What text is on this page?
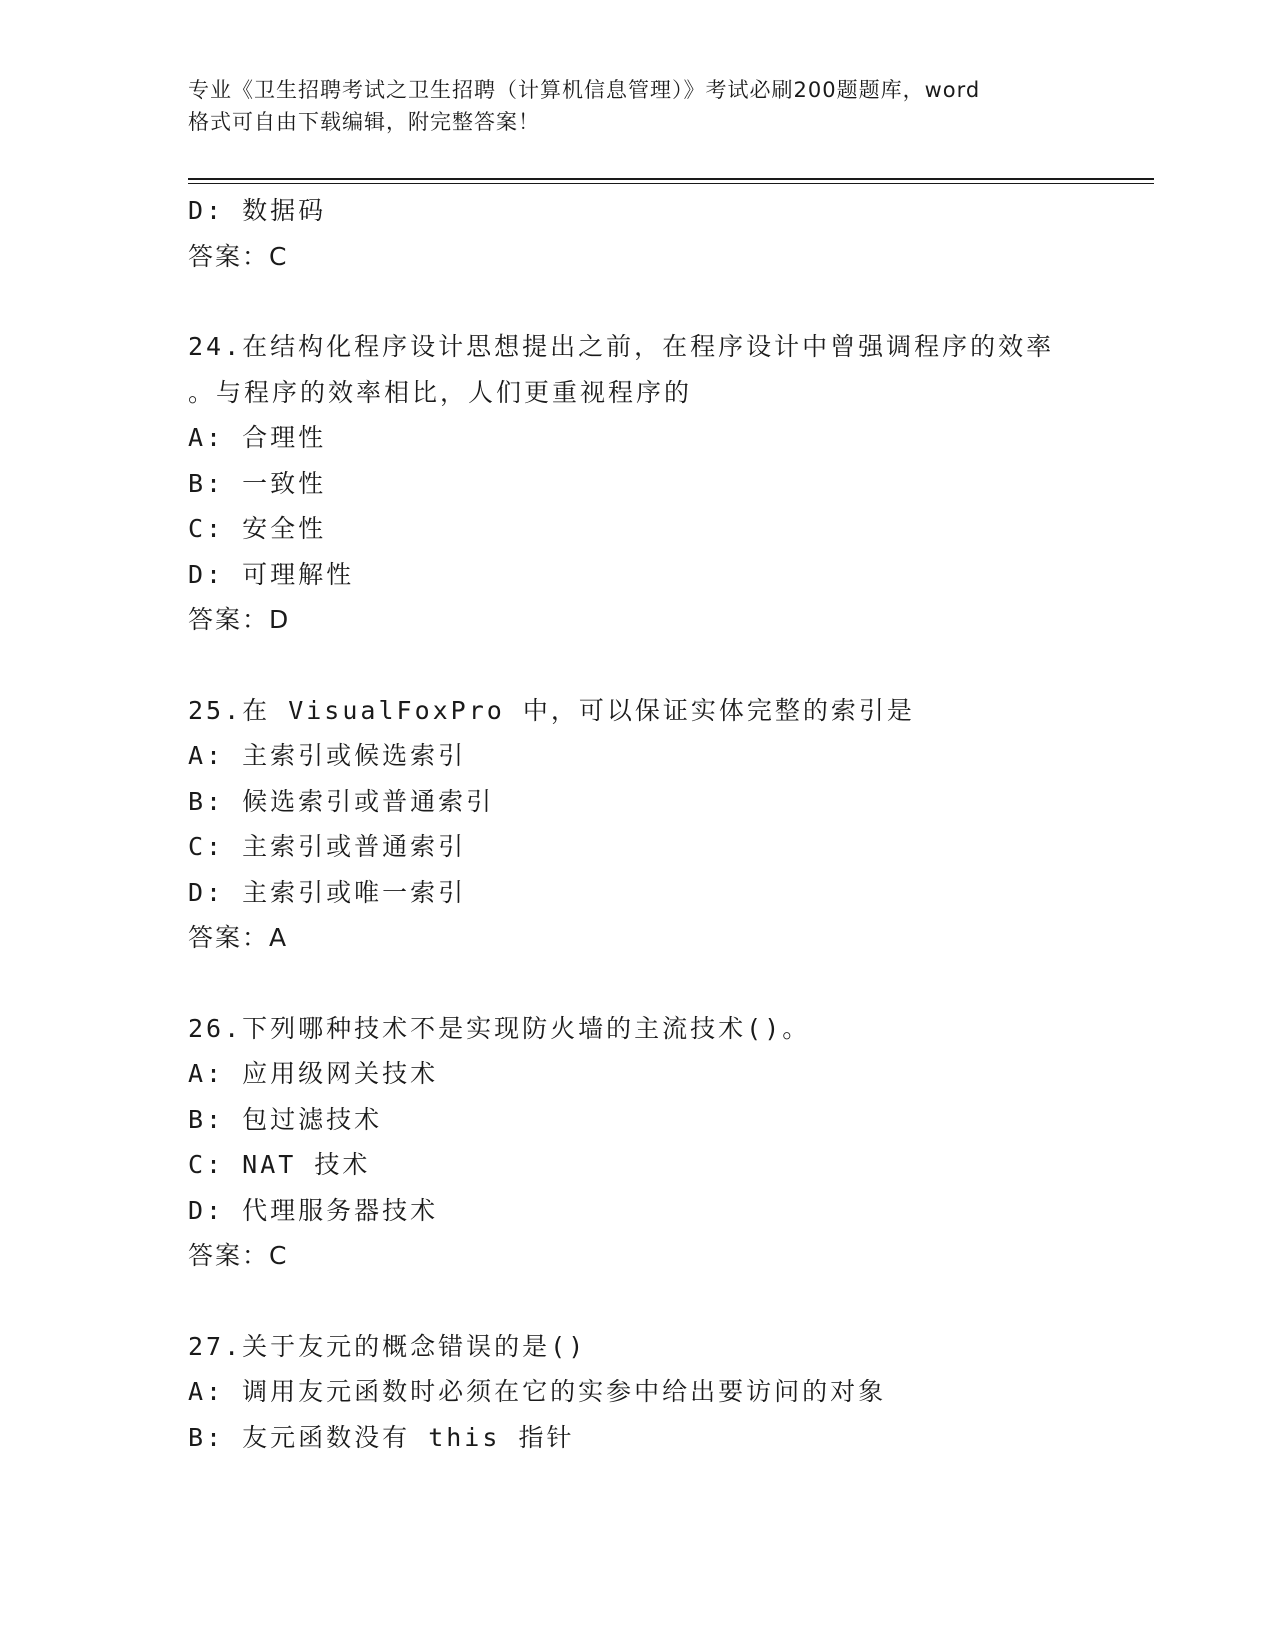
专业《卫生招聘考试之卫生招聘（计算机信息管理）》考试必刷200题题库，word
格式可自由下载编辑，附完整答案！
D: 数据码
答案：C
24.在结构化程序设计思想提出之前，在程序设计中曾强调程序的效率
。与程序的效率相比，人们更重视程序的
A: 合理性
B: 一致性
C: 安全性
D: 可理解性
答案：D
25.在 VisualFoxPro 中，可以保证实体完整的索引是
A: 主索引或候选索引
B: 候选索引或普通索引
C: 主索引或普通索引
D: 主索引或唯一索引
答案：A
26.下列哪种技术不是实现防火墙的主流技术()。
A: 应用级网关技术
B: 包过滤技术
C: NAT 技术
D: 代理服务器技术
答案：C
27.关于友元的概念错误的是()
A: 调用友元函数时必须在它的实参中给出要访问的对象
B: 友元函数没有 this 指针
